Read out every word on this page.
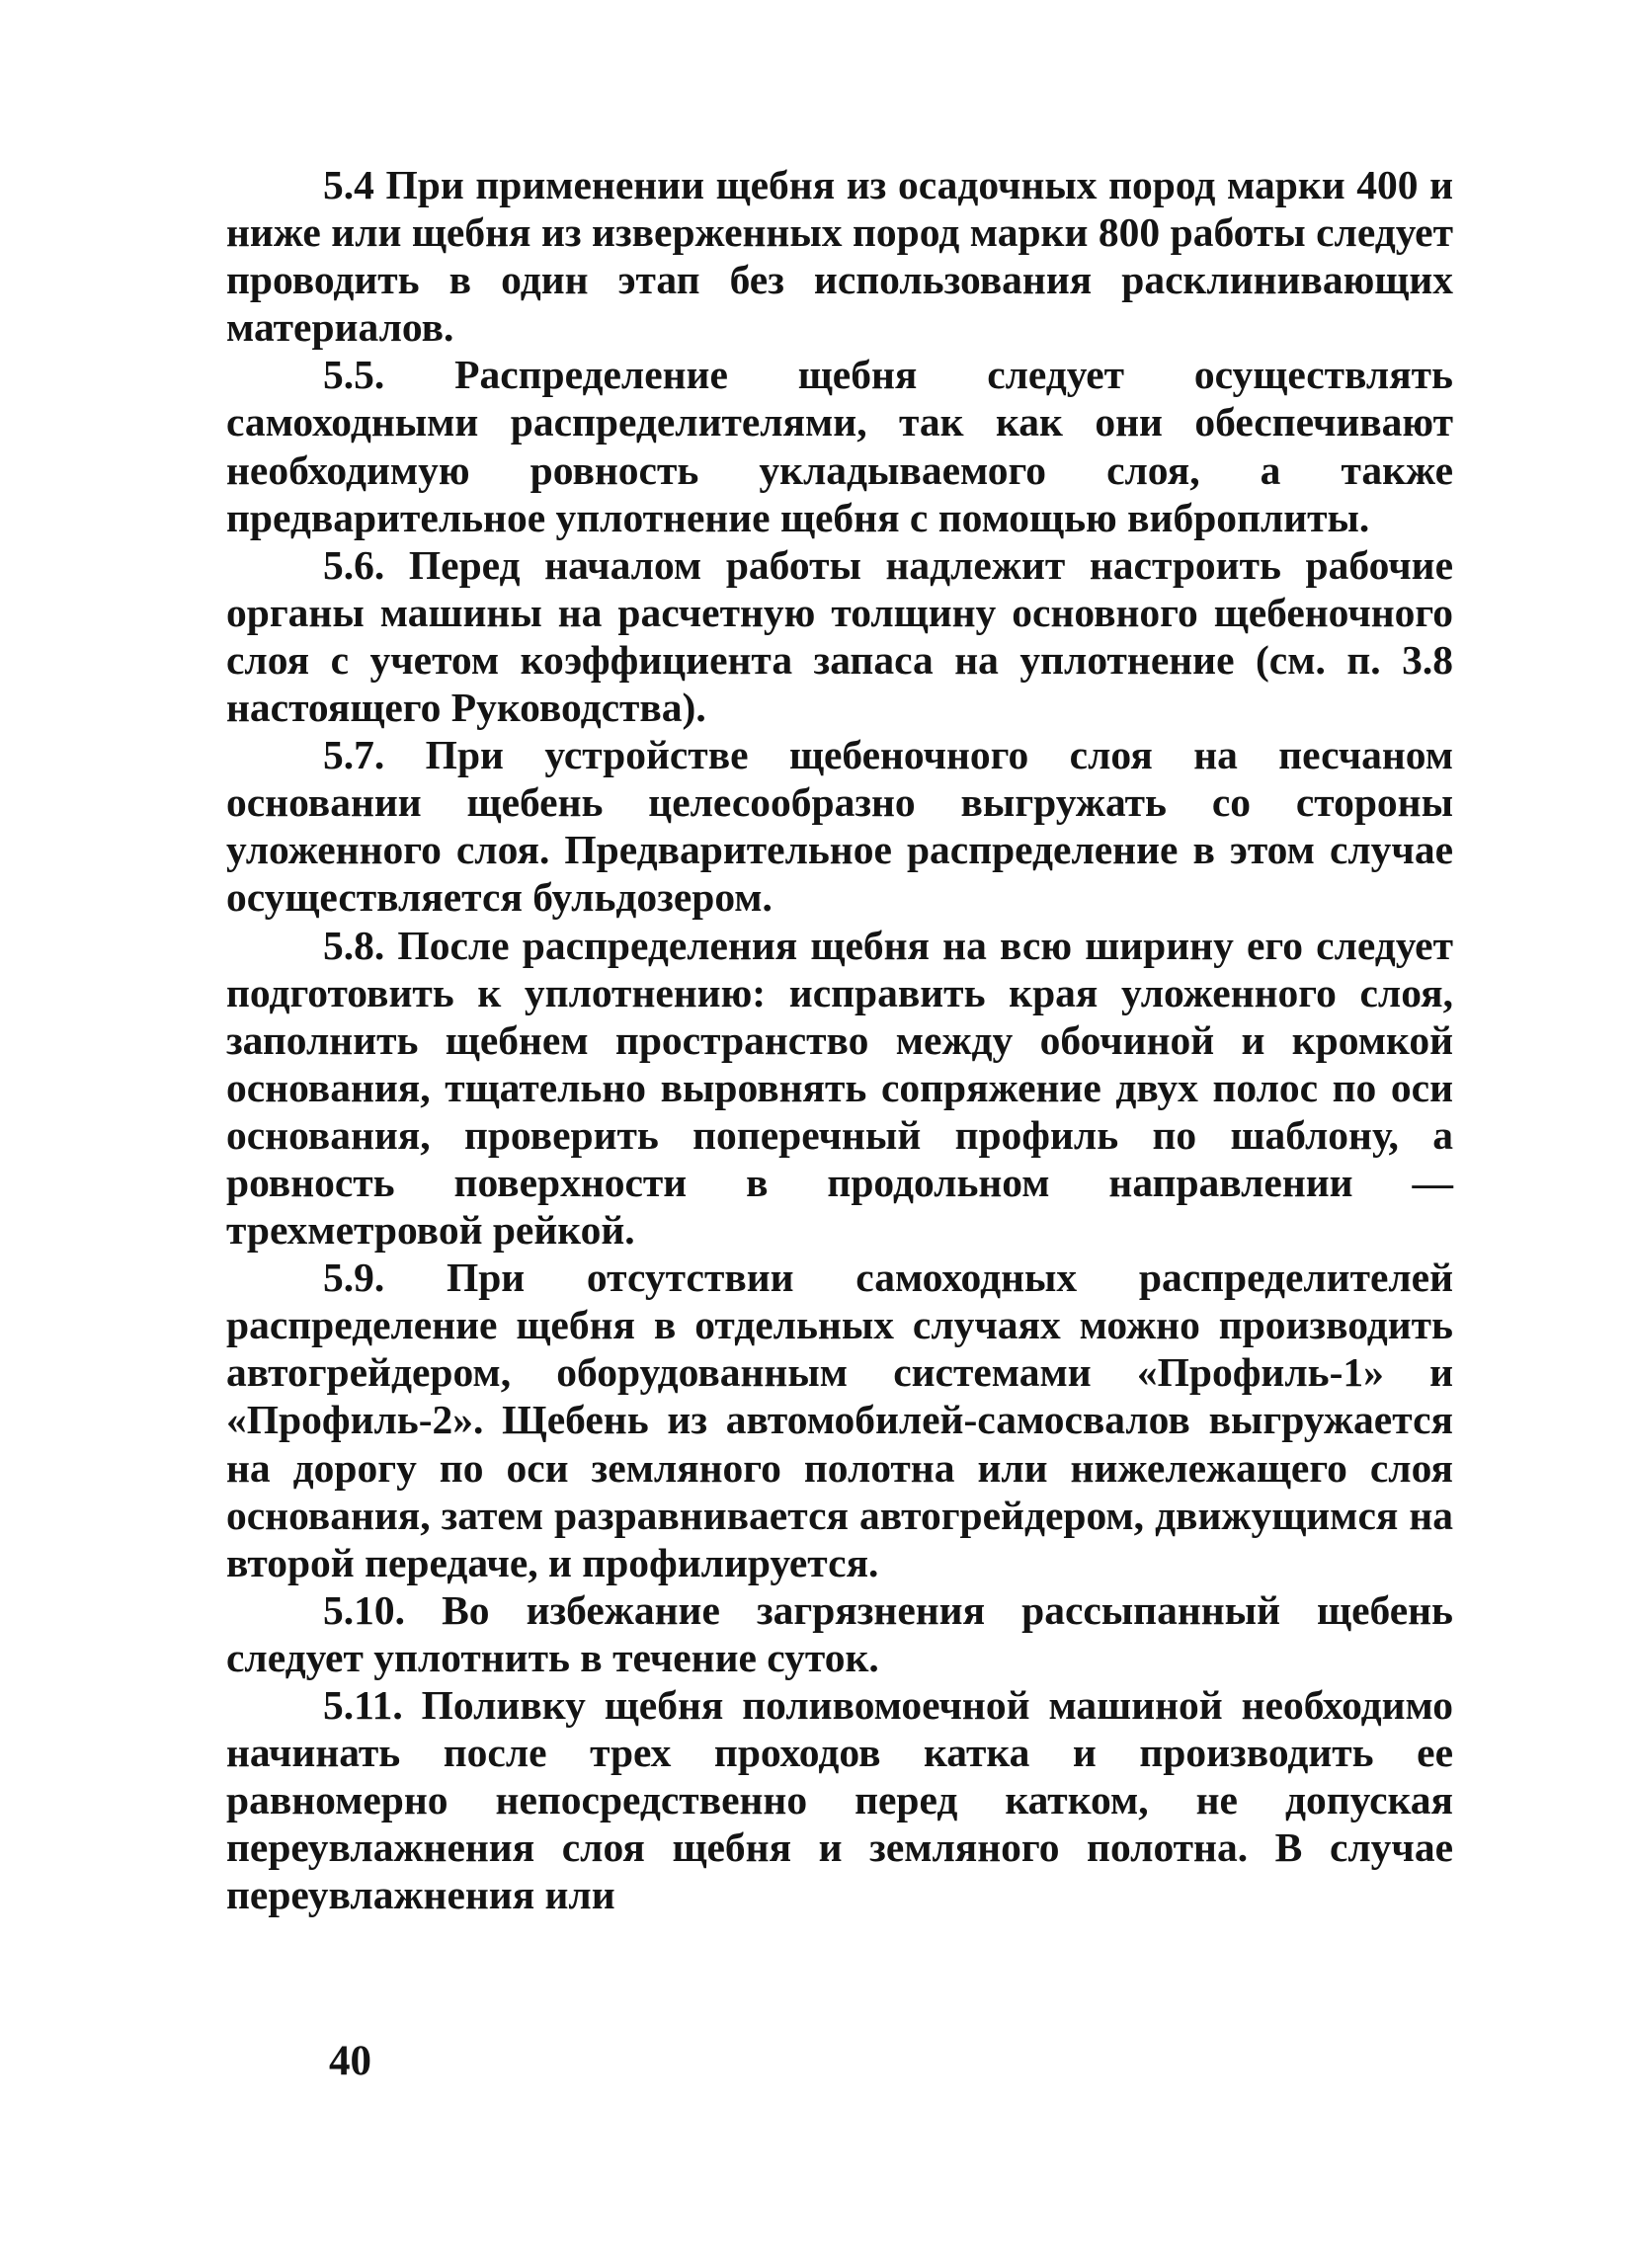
5.4 При применении щебня из осадочных пород марки 400 и ниже или щебня из изверженных пород марки 800 работы следует проводить в один этап без использования расклинивающих материалов.

5.5. Распределение щебня следует осуществлять самоходными распределителями, так как они обеспечивают необходимую ровность укладываемого слоя, а также предварительное уплотнение щебня с помощью виброплиты.

5.6. Перед началом работы надлежит настроить рабочие органы машины на расчетную толщину основного щебеночного слоя с учетом коэффициента запаса на уплотнение (см. п. 3.8 настоящего Руководства).

5.7. При устройстве щебеночного слоя на песчаном основании щебень целесообразно выгружать со стороны уложенного слоя. Предварительное распределение в этом случае осуществляется бульдозером.

5.8. После распределения щебня на всю ширину его следует подготовить к уплотнению: исправить края уложенного слоя, заполнить щебнем пространство между обочиной и кромкой основания, тщательно выровнять сопряжение двух полос по оси основания, проверить поперечный профиль по шаблону, а ровность поверхности в продольном направлении — трехметровой рейкой.

5.9. При отсутствии самоходных распределителей распределение щебня в отдельных случаях можно производить автогрейдером, оборудованным системами «Профиль-1» и «Профиль-2». Щебень из автомобилей-самосвалов выгружается на дорогу по оси земляного полотна или нижележащего слоя основания, затем разравнивается автогрейдером, движущимся на второй передаче, и профилируется.

5.10. Во избежание загрязнения рассыпанный щебень следует уплотнить в течение суток.

5.11. Поливку щебня поливомоечной машиной необходимо начинать после трех проходов катка и производить ее равномерно непосредственно перед катком, не допуская переувлажнения слоя щебня и земляного полотна. В случае переувлажнения или

40
